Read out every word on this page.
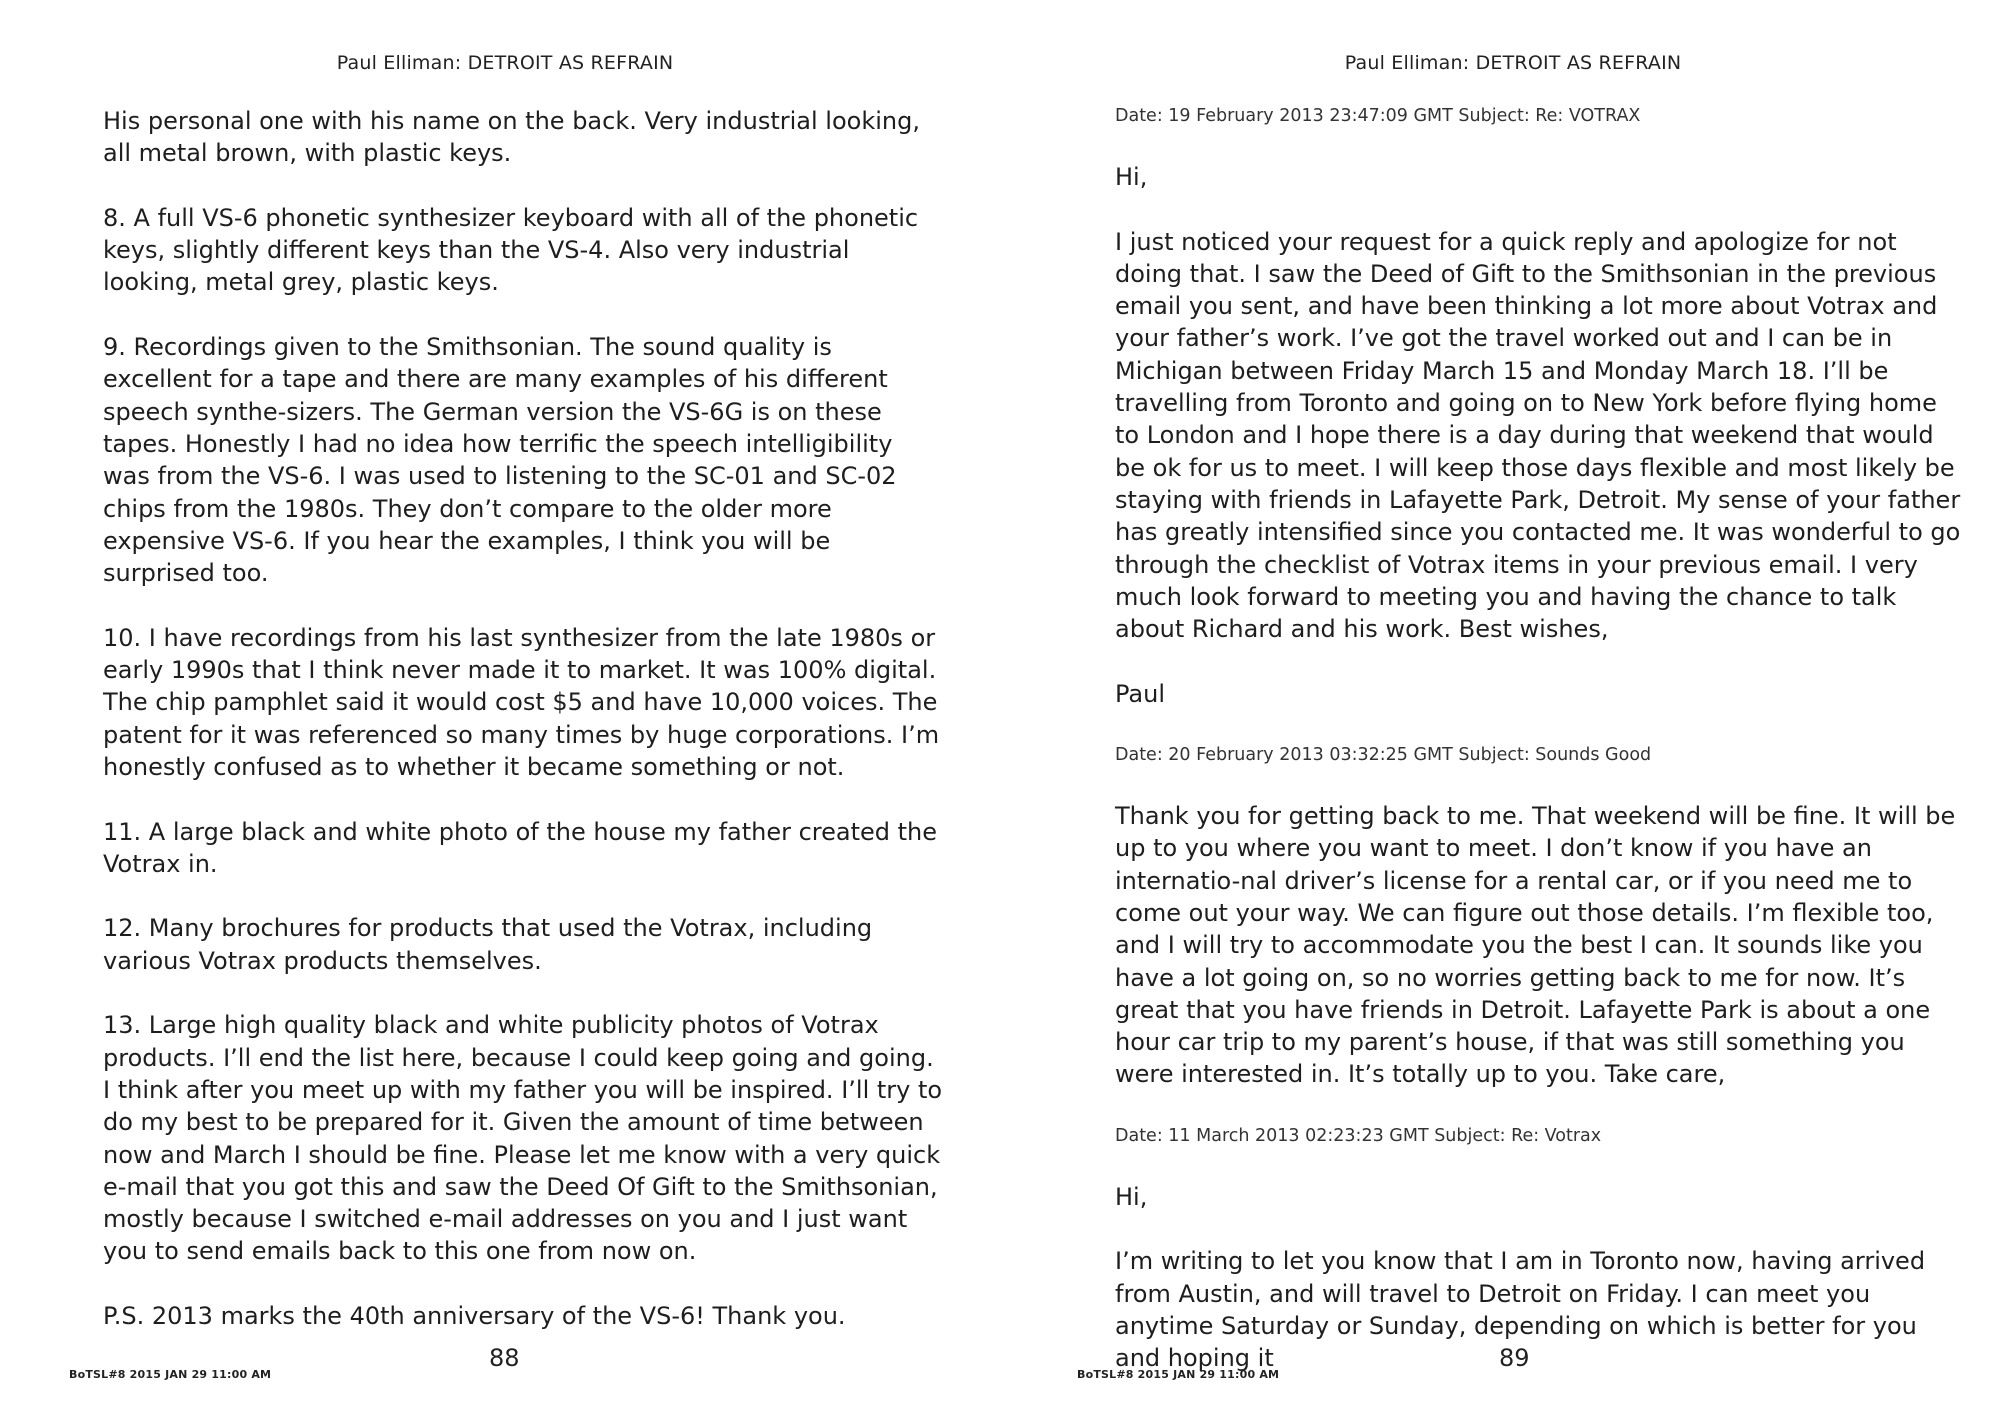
Paul Elliman: DETROIT AS REFRAIN

His personal one with his name on the back. Very industrial looking, all metal brown, with plastic keys.

8. A full VS-6 phonetic synthesizer keyboard with all of the phonetic keys, slightly different keys than the VS-4. Also very industrial looking, metal grey, plastic keys.

9. Recordings given to the Smithsonian. The sound quality is excellent for a tape and there are many examples of his different speech synthe-sizers. The German version the VS-6G is on these tapes. Honestly I had no idea how terrific the speech intelligibility was from the VS-6. I was used to listening to the SC-01 and SC-02 chips from the 1980s. They don’t compare to the older more expensive VS-6. If you hear the examples, I think you will be surprised too.

10. I have recordings from his last synthesizer from the late 1980s or early 1990s that I think never made it to market. It was 100% digital. The chip pamphlet said it would cost $5 and have 10,000 voices. The patent for it was referenced so many times by huge corporations. I’m honestly confused as to whether it became something or not.

11. A large black and white photo of the house my father created the Votrax in.

12. Many brochures for products that used the Votrax, including various Votrax products themselves.

13. Large high quality black and white publicity photos of Votrax products. I’ll end the list here, because I could keep going and going. I think after you meet up with my father you will be inspired. I’ll try to do my best to be prepared for it. Given the amount of time between now and March I should be fine. Please let me know with a very quick e-mail that you got this and saw the Deed Of Gift to the Smithsonian, mostly because I switched e-mail addresses on you and I just want you to send emails back to this one from now on.

P.S. 2013 marks the 40th anniversary of the VS-6! Thank you.

88
BoTSL#8 2015 JAN 29 11:00 AM
Paul Elliman: DETROIT AS REFRAIN

Date: 19 February 2013 23:47:09 GMT Subject: Re: VOTRAX

Hi,

I just noticed your request for a quick reply and apologize for not doing that. I saw the Deed of Gift to the Smithsonian in the previous email you sent, and have been thinking a lot more about Votrax and your father’s work. I’ve got the travel worked out and I can be in Michigan between Friday March 15 and Monday March 18. I’ll be travelling from Toronto and going on to New York before flying home to London and I hope there is a day during that weekend that would be ok for us to meet. I will keep those days flexible and most likely be staying with friends in Lafayette Park, Detroit. My sense of your father has greatly intensified since you contacted me. It was wonderful to go through the checklist of Votrax items in your previous email. I very much look forward to meeting you and having the chance to talk about Richard and his work. Best wishes,

Paul

Date: 20 February 2013 03:32:25 GMT Subject: Sounds Good

Thank you for getting back to me. That weekend will be fine. It will be up to you where you want to meet. I don’t know if you have an internatio-nal driver’s license for a rental car, or if you need me to come out your way. We can figure out those details. I’m flexible too, and I will try to accommodate you the best I can. It sounds like you have a lot going on, so no worries getting back to me for now. It’s great that you have friends in Detroit. Lafayette Park is about a one hour car trip to my parent’s house, if that was still something you were interested in. It’s totally up to you. Take care,

Date: 11 March 2013 02:23:23 GMT Subject: Re: Votrax

Hi,

I’m writing to let you know that I am in Toronto now, having arrived from Austin, and will travel to Detroit on Friday. I can meet you anytime Saturday or Sunday, depending on which is better for you and hoping it	89
BoTSL#8 2015 JAN 29 11:00 AM
